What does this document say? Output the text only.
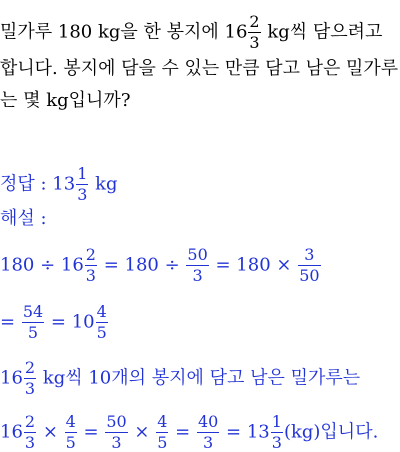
밀가루 180 kg을 한 봉지에 $16 \frac{2}{3}$ kg씩 담으려고
합니다. 봉지에 담을 수 있는 만큼 담고 남은 밀가루
는 몇 kg입니까?
정답 : $13 \frac{1}{3}$ kg
해설 :
$180 \div 16 \frac{2}{3} = 180 \div \frac{50}{3} = 180 \times \frac{3}{50}$
= $\frac{54}{5} = 10 \frac{4}{5}$
$16 \frac{2}{3}$ kg씩 10개의 봉지에 담고 남은 밀가루는
$16 \frac{2}{3} \times \frac{4}{5} = \frac{50}{3} \times \frac{4}{5} = \frac{40}{3} = 13 \frac{1}{3} (kg)$입니다.
